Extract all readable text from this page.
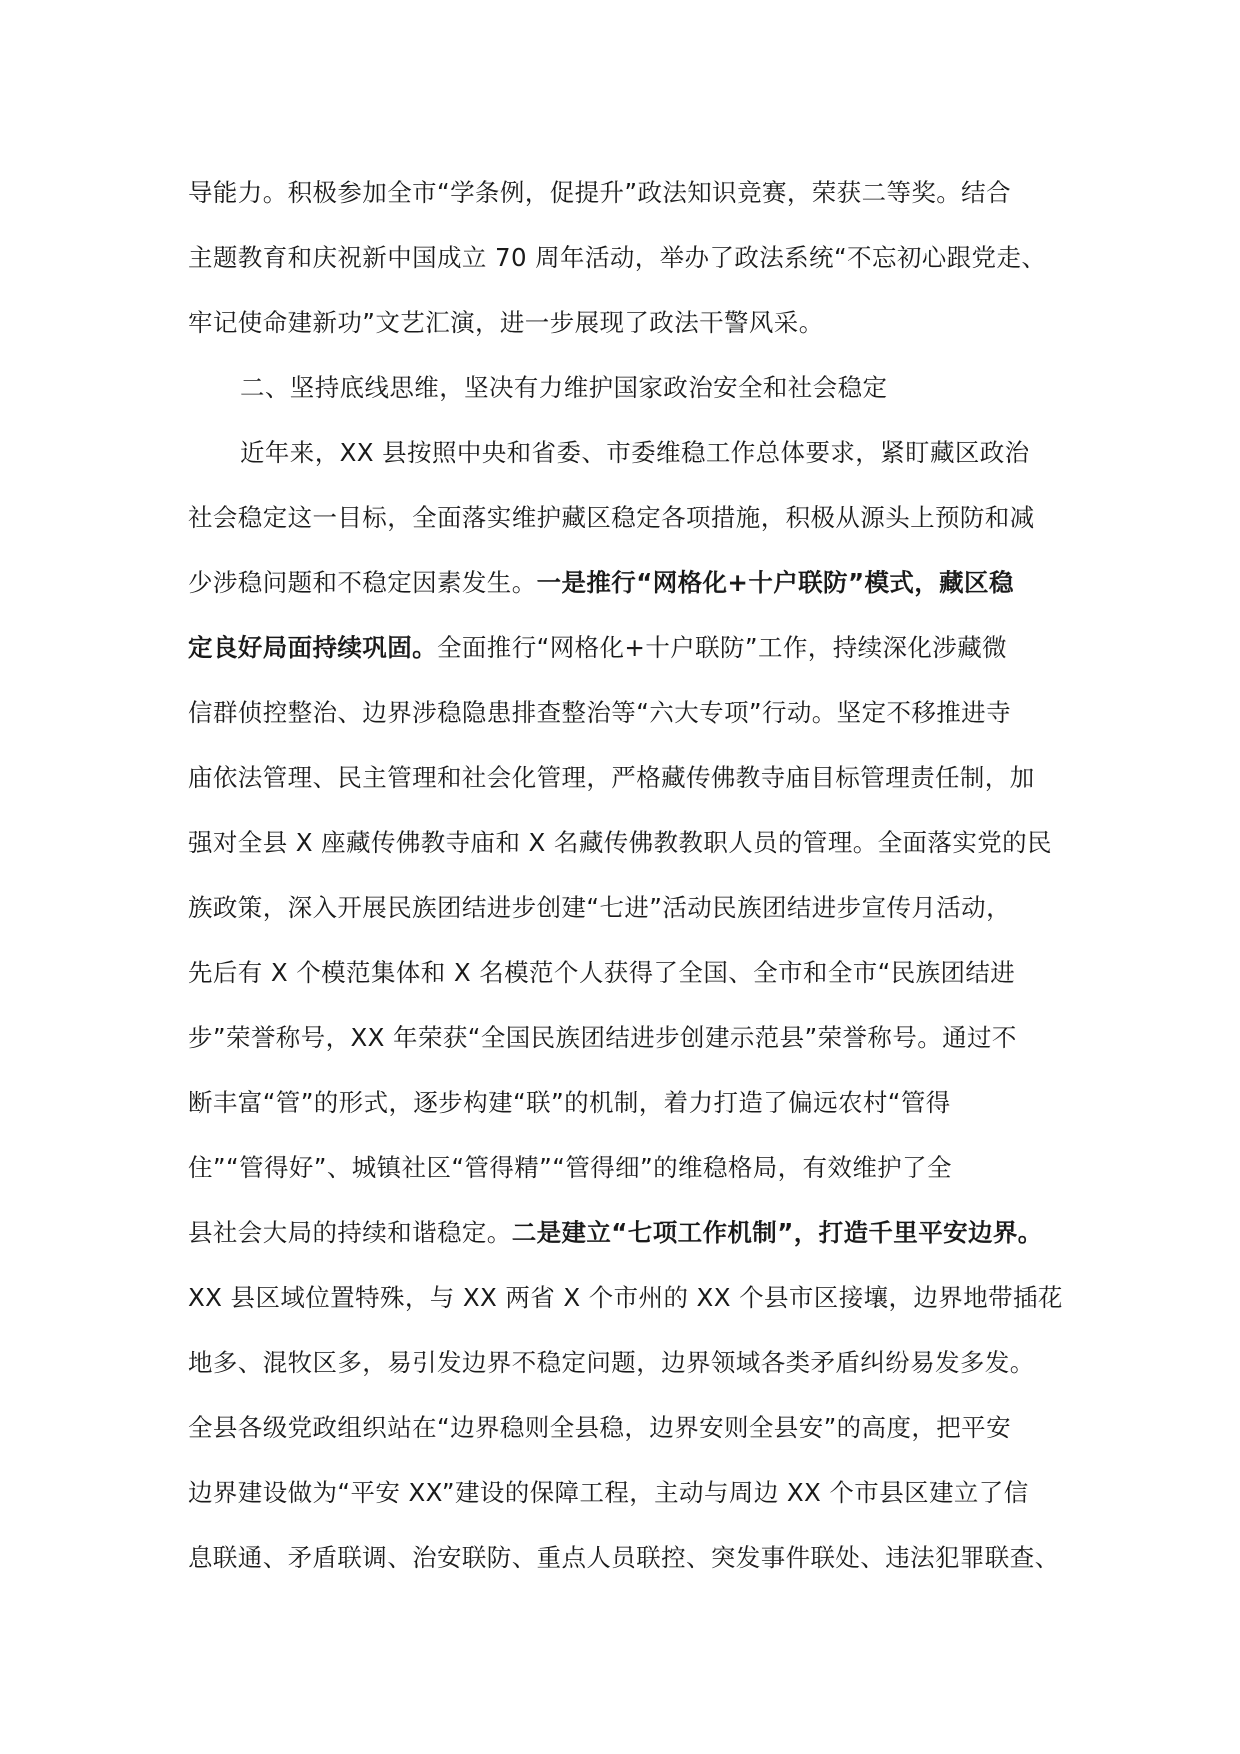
导能力。积极参加全市“学条例，促提升”政法知识竞赛，荣获二等奖。结合
主题教育和庆祝新中国成立 70 周年活动，举办了政法系统“不忘初心跟党走、
牢记使命建新功”文艺汇演，进一步展现了政法干警风采。
二、坚持底线思维，坚决有力维护国家政治安全和社会稳定
近年来，XX 县按照中央和省委、市委维稳工作总体要求，紧盯藏区政治
社会稳定这一目标，全面落实维护藏区稳定各项措施，积极从源头上预防和减
少涉稳问题和不稳定因素发生。一是推行“网格化+十户联防”模式，藏区稳
定良好局面持续巩固。全面推行“网格化+十户联防”工作，持续深化涉藏微
信群侦控整治、边界涉稳隐患排查整治等“六大专项”行动。坚定不移推进寺
庙依法管理、民主管理和社会化管理，严格藏传佛教寺庙目标管理责任制，加
强对全县 X 座藏传佛教寺庙和 X 名藏传佛教教职人员的管理。全面落实党的民
族政策，深入开展民族团结进步创建“七进”活动民族团结进步宣传月活动，
先后有 X 个模范集体和 X 名模范个人获得了全国、全市和全市“民族团结进
步”荣誉称号，XX 年荣获“全国民族团结进步创建示范县”荣誉称号。通过不
断丰富“管”的形式，逐步构建“联”的机制，着力打造了偏远农村“管得
住”“管得好”、城镇社区“管得精”“管得细”的维稳格局，有效维护了全
县社会大局的持续和谐稳定。二是建立“七项工作机制”，打造千里平安边界。
XX 县区域位置特殊，与 XX 两省 X 个市州的 XX 个县市区接壤，边界地带插花
地多、混牧区多，易引发边界不稳定问题，边界领域各类矛盾纠纷易发多发。
全县各级党政组织站在“边界稳则全县稳，边界安则全县安”的高度，把平安
边界建设做为“平安 XX”建设的保障工程，主动与周边 XX 个市县区建立了信
息联通、矛盾联调、治安联防、重点人员联控、突发事件联处、违法犯罪联查、
